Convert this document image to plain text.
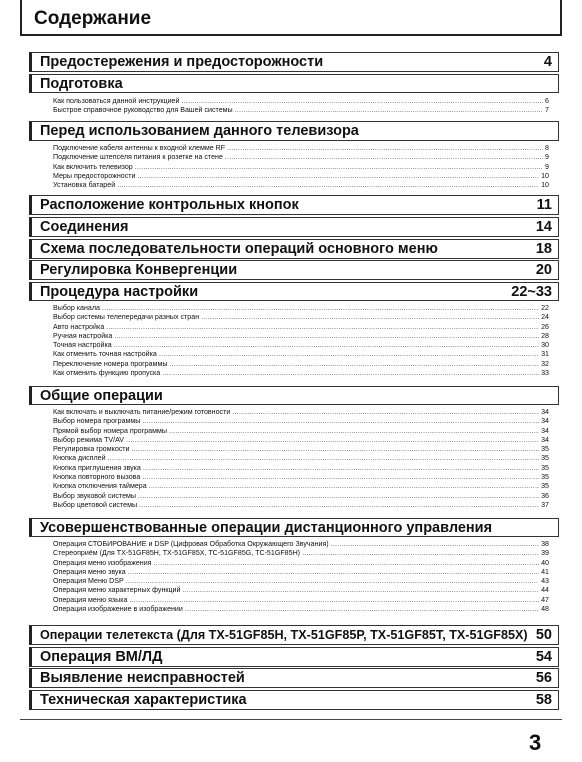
Содержание
Предостережения и предосторожности	4
Подготовка
Как пользоваться данной инструкцией .....	6
Быстрое справочное руководство для Вашей системы .....	7
Перед использованием данного телевизора
Подключение кабеля антенны к входной клемме RF .....	8
Подключение штепселя питания к розетке на стене .....	9
Как включить телевизор .....	9
Меры предосторожности .....	10
Установка батарей .....	10
Расположение контрольных кнопок	11
Соединения	14
Схема последовательности операций основного меню	18
Регулировка Конвергенции	20
Процедура настройки	22~33
Выбор канала .....	22
Выбор системы телепередачи разных стран .....	24
Авто настройка .....	26
Ручная настройка .....	28
Точная настройка .....	30
Как отменить точная настройка .....	31
Переключение номера программы .....	32
Как отменить функцию пропуска .....	33
Общие операции
Как включать и выключать питание/режим готовности .....	34
Выбор номера программы .....	34
Прямой выбор номера программы .....	34
Выбор режима TV/AV .....	34
Регулировка громкости .....	35
Кнопка дисплей .....	35
Кнопка приглушения звука .....	35
Кнопка повторного вызова .....	35
Кнопка отключения таймера .....	35
Выбор звуковой системы .....	36
Выбор цветовой системы .....	37
Усовершенствованные операции дистанционного управления
Операция СТОБИРОВАНИЕ и DSP (Цифровая Обработка Окружающего Звучания) .....	38
Стереоприём (Для TX-51GF85H, TX-51GF85X, TC-51GF85G, TC-51GF85H) .....	39
Операция меню изображения .....	40
Операция меню звука .....	41
Операция Меню DSP .....	43
Операция меню характерных функций .....	44
Операция меню языка .....	47
Операция изображение в изображении .....	48
Операции телетекста (Для TX-51GF85H, TX-51GF85P, TX-51GF85T, TX-51GF85X) 50
Операция ВМ/ЛД	54
Выявление неисправностей	56
Техническая характеристика	58
3
